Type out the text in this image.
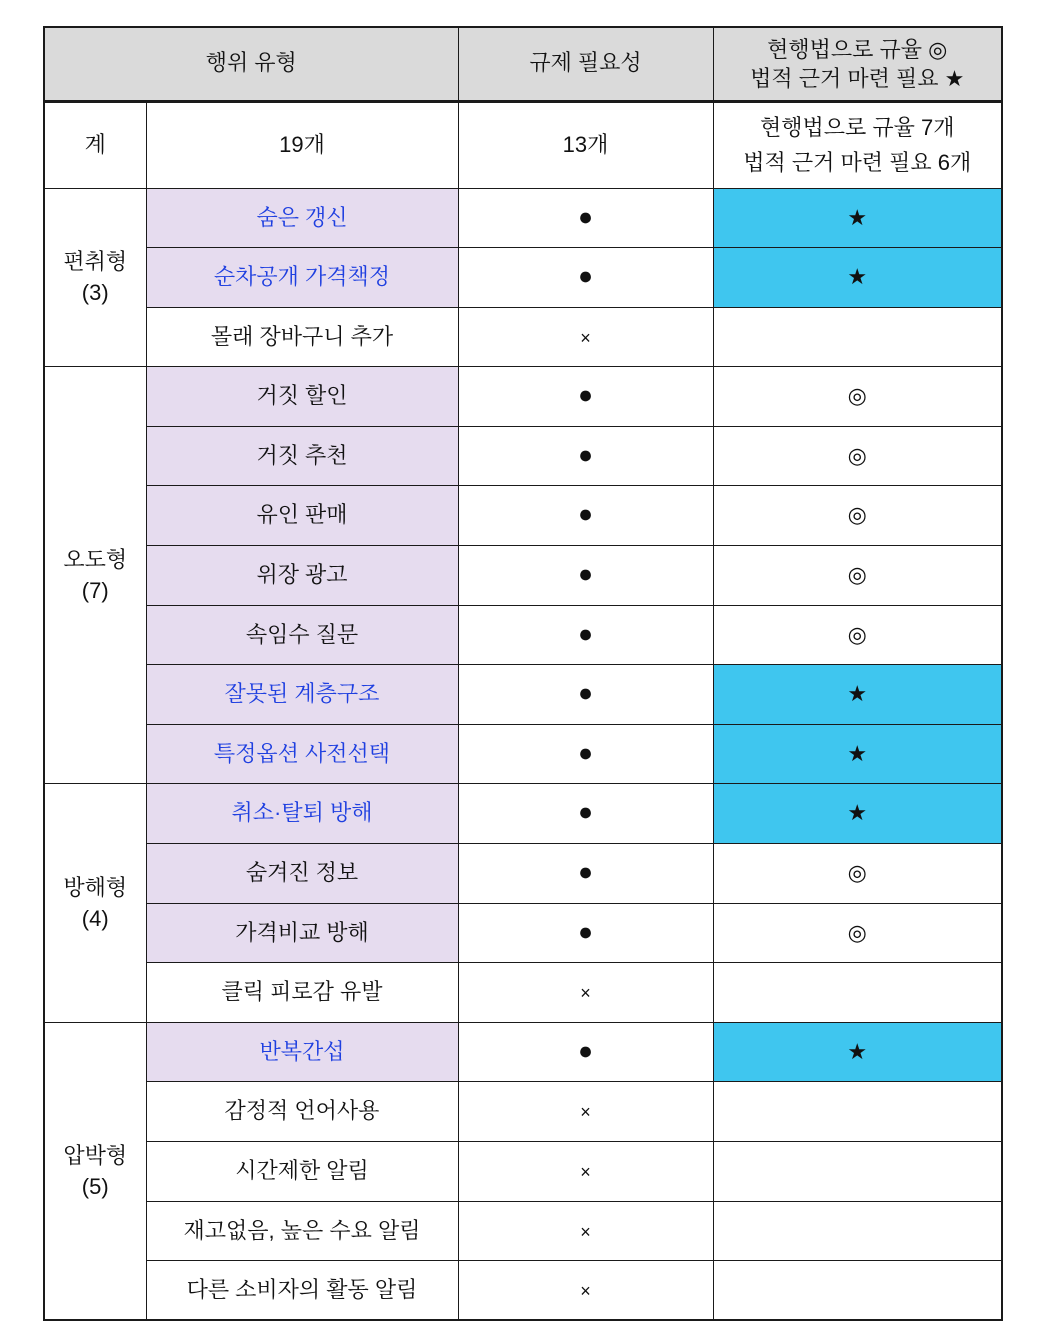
행위 유형		규제 필요성	현행법으로 규율 ◎
법적 근거 마련 필요 ★

계	19개	13개	현행법으로 규율 7개
법적 근거 마련 필요 6개

편취형
(3)	숨은 갱신	●	★
	순차공개 가격책정	●	★
	몰래 장바구니 추가	×	

오도형
(7)	거짓 할인	●	◎
	거짓 추천	●	◎
	유인 판매	●	◎
	위장 광고	●	◎
	속임수 질문	●	◎
	잘못된 계층구조	●	★
	특정옵션 사전선택	●	★

방해형
(4)	취소·탈퇴 방해	●	★
	숨겨진 정보	●	◎
	가격비교 방해	●	◎
	클릭 피로감 유발	×	

압박형
(5)	반복간섭	●	★
	감정적 언어사용	×	
	시간제한 알림	×	
	재고없음, 높은 수요 알림	×	
	다른 소비자의 활동 알림	×	
